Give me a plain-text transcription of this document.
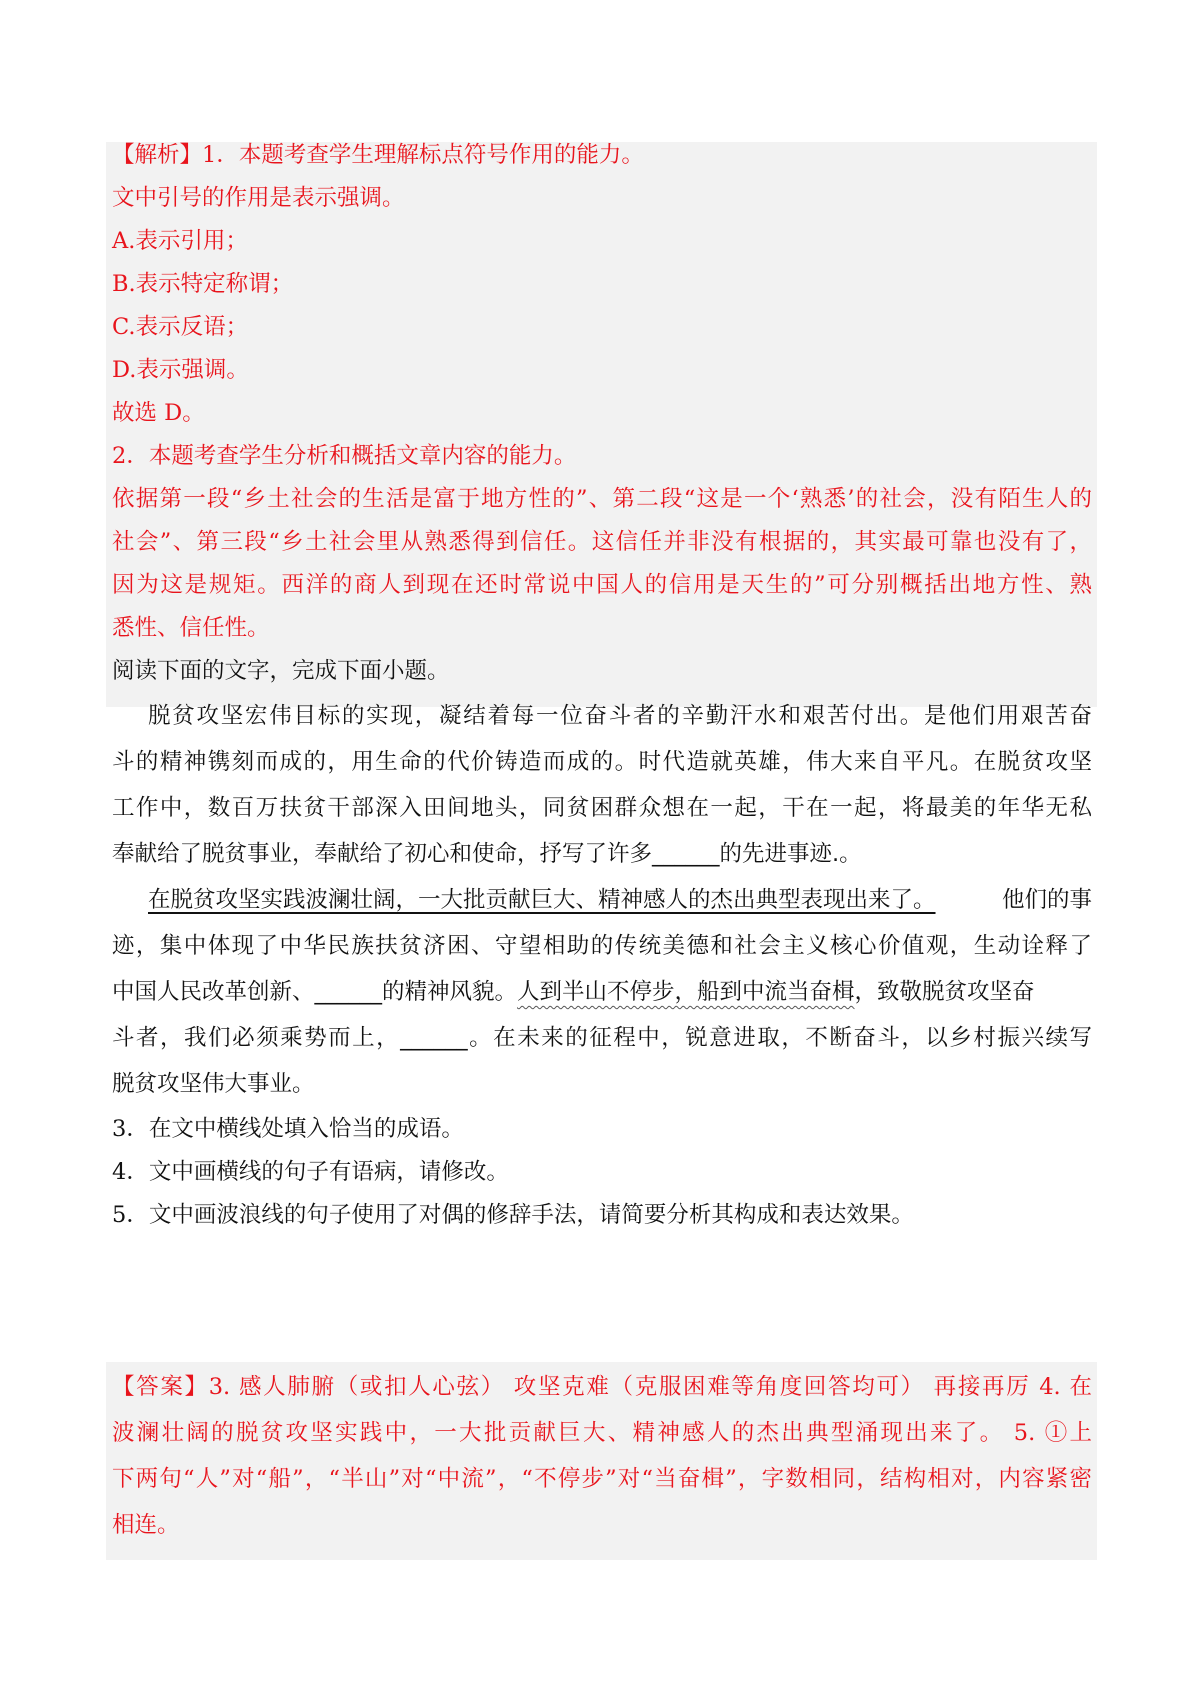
【解析】1．本题考查学生理解标点符号作用的能力。
文中引号的作用是表示强调。
A.表示引用；
B.表示特定称谓；
C.表示反语；
D.表示强调。
故选 D。
2．本题考查学生分析和概括文章内容的能力。
依据第一段“乡土社会的生活是富于地方性的”、第二段“这是一个‘熟悉’的社会，没有陌生人的
社会”、第三段“乡土社会里从熟悉得到信任。这信任并非没有根据的，其实最可靠也没有了，
因为这是规矩。西洋的商人到现在还时常说中国人的信用是天生的”可分别概括出地方性、熟
悉性、信任性。
阅读下面的文字，完成下面小题。
脱贫攻坚宏伟目标的实现，凝结着每一位奋斗者的辛勤汗水和艰苦付出。是他们用艰苦奋
斗的精神镌刻而成的，用生命的代价铸造而成的。时代造就英雄，伟大来自平凡。在脱贫攻坚
工作中，数百万扶贫干部深入田间地头，同贫困群众想在一起，干在一起，将最美的年华无私
奉献给了脱贫事业，奉献给了初心和使命，抒写了许多______的先进事迹.。
在脱贫攻坚实践波澜壮阔，一大批贡献巨大、精神感人的杰出典型表现出来了。	他们的事
迹，集中体现了中华民族扶贫济困、守望相助的传统美德和社会主义核心价值观，生动诠释了
中国人民改革创新、______的精神风貌。人到半山不停步，船到中流当奋楫，致敬脱贫攻坚奋
斗者，我们必须乘势而上，______。在未来的征程中，锐意进取，不断奋斗，以乡村振兴续写
脱贫攻坚伟大事业。
3．在文中横线处填入恰当的成语。
4．文中画横线的句子有语病，请修改。
5．文中画波浪线的句子使用了对偶的修辞手法，请简要分析其构成和表达效果。
【答案】3. 感人肺腑（或扣人心弦） 攻坚克难（克服困难等角度回答均可） 再接再厉 4. 在
波澜壮阔的脱贫攻坚实践中，一大批贡献巨大、精神感人的杰出典型涌现出来了。 5. ①上
下两句“人”对“船”，“半山”对“中流”，“不停步”对“当奋楫”，字数相同，结构相对，内容紧密
相连。
